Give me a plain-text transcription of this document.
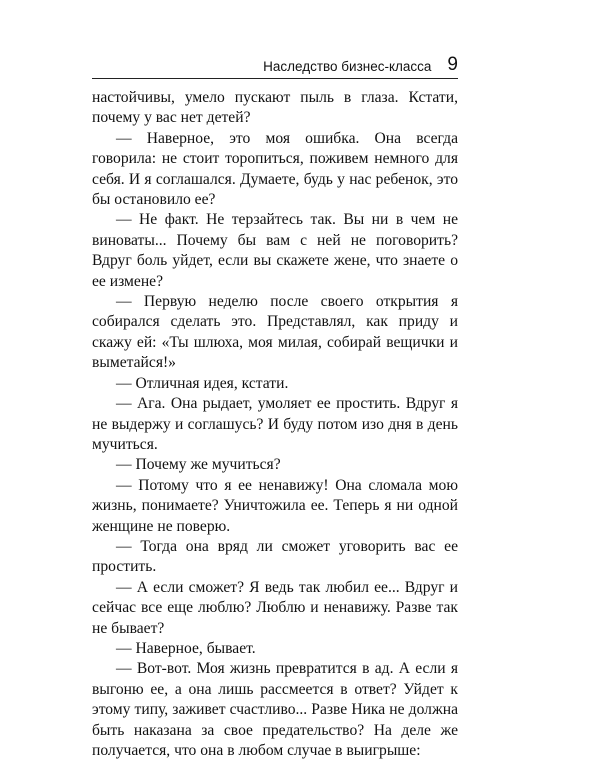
Наследство бизнес-класса 9

настойчивы, умело пускают пыль в глаза. Кстати, почему у вас нет детей?

— Наверное, это моя ошибка. Она всегда говорила: не стоит торопиться, поживем немного для себя. И я соглашался. Думаете, будь у нас ребенок, это бы остановило ее?

— Не факт. Не терзайтесь так. Вы ни в чем не виноваты... Почему бы вам с ней не поговорить? Вдруг боль уйдет, если вы скажете жене, что знаете о ее измене?

— Первую неделю после своего открытия я собирался сделать это. Представлял, как приду и скажу ей: «Ты шлюха, моя милая, собирай вещички и выметайся!»

— Отличная идея, кстати.

— Ага. Она рыдает, умоляет ее простить. Вдруг я не выдержу и соглашусь? И буду потом изо дня в день мучиться.

— Почему же мучиться?

— Потому что я ее ненавижу! Она сломала мою жизнь, понимаете? Уничтожила ее. Теперь я ни одной женщине не поверю.

— Тогда она вряд ли сможет уговорить вас ее простить.

— А если сможет? Я ведь так любил ее... Вдруг и сейчас все еще люблю? Люблю и ненавижу. Разве так не бывает?

— Наверное, бывает.

— Вот-вот. Моя жизнь превратится в ад. А если я выгоню ее, а она лишь рассмеется в ответ? Уйдет к этому типу, заживет счастливо... Разве Ника не должна быть наказана за свое предательство? На деле же получается, что она в любом случае в выигрыше:
